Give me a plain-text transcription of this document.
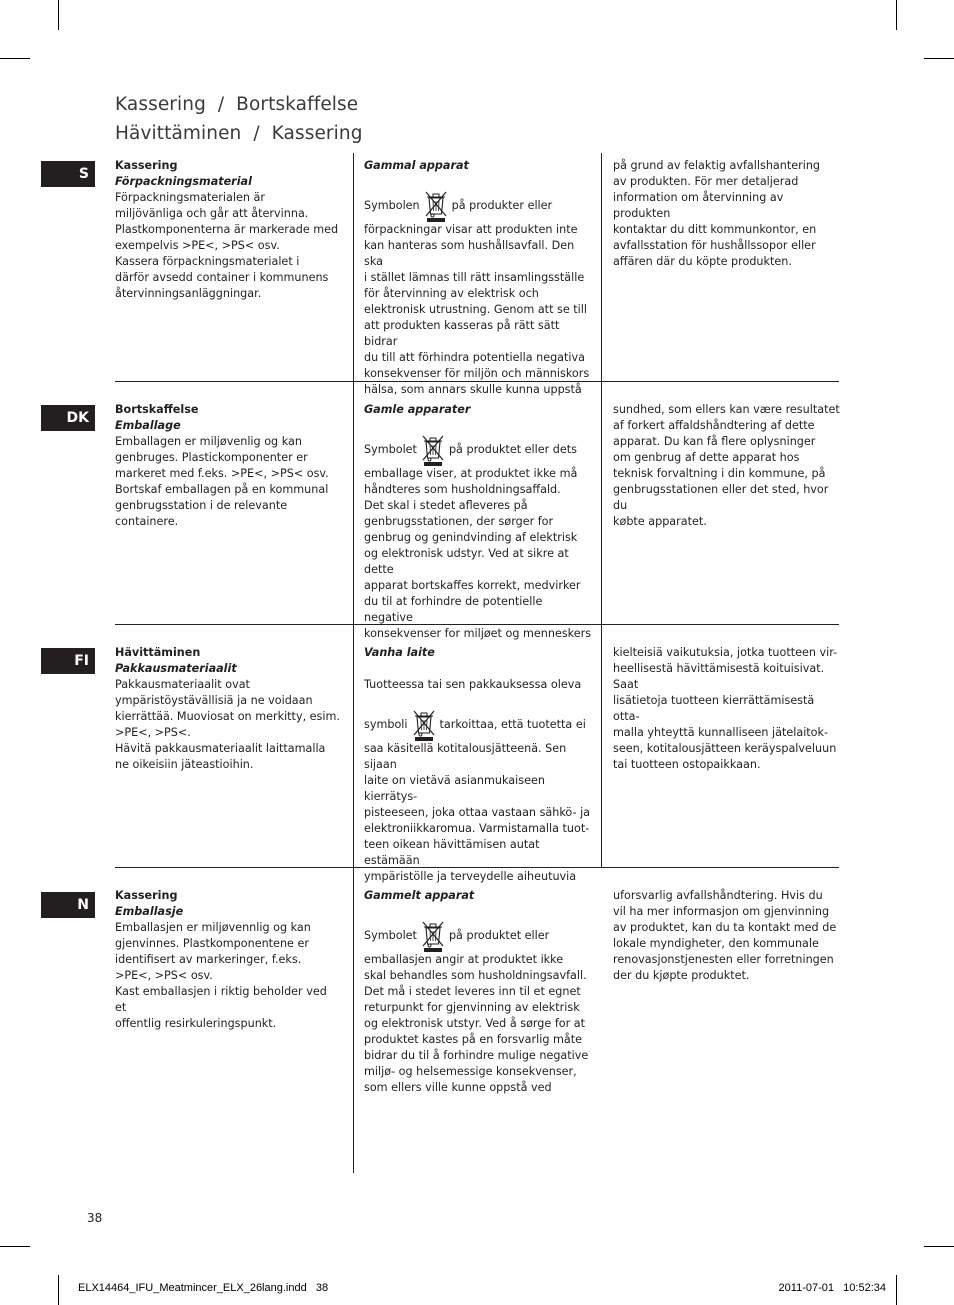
Kassering  /  Bortskaffelse
Hävittäminen  /  Kassering
S
Kassering
Förpackningsmaterial
Förpackningsmaterialen är
miljövänliga och går att återvinna.
Plastkomponenterna är markerade med
exempelvis >PE<, >PS< osv.
Kassera förpackningsmaterialet i
därför avsedd container i kommunens
återvinningsanläggningar.
Gammal apparat
Symbolen	på produkter eller
förpackningar visar att produkten inte
kan hanteras som hushållsavfall. Den ska
i stället lämnas till rätt insamlingsställe
för återvinning av elektrisk och
elektronisk utrustning. Genom att se till
att produkten kasseras på rätt sätt bidrar
du till att förhindra potentiella negativa
konsekvenser för miljön och människors
hälsa, som annars skulle kunna uppstå
på grund av felaktig avfallshantering
av produkten. För mer detaljerad
information om återvinning av produkten
kontaktar du ditt kommunkontor, en
avfallsstation för hushållssopor eller
affären där du köpte produkten.
DK
Bortskaffelse
Emballage
Emballagen er miljøvenlig og kan
genbruges. Plastickomponenter er
markeret med f.eks. >PE<, >PS< osv.
Bortskaf emballagen på en kommunal
genbrugsstation i de relevante
containere.
Gamle apparater
Symbolet	på produktet eller dets
emballage viser, at produktet ikke må
håndteres som husholdningsaffald.
Det skal i stedet afleveres på
genbrugsstationen, der sørger for
genbrug og genindvinding af elektrisk
og elektronisk udstyr. Ved at sikre at dette
apparat bortskaffes korrekt, medvirker
du til at forhindre de potentielle negative
konsekvenser for miljøet og menneskers
sundhed, som ellers kan være resultatet
af forkert affaldshåndtering af dette
apparat. Du kan få flere oplysninger
om genbrug af dette apparat hos
teknisk forvaltning i din kommune, på
genbrugsstationen eller det sted, hvor du
købte apparatet.
FI
Hävittäminen
Pakkausmateriaalit
Pakkausmateriaalit ovat
ympäristöystävällisiä ja ne voidaan
kierrättää. Muoviosat on merkitty, esim.
>PE<, >PS<.
Hävitä pakkausmateriaalit laittamalla
ne oikeisiin jäteastioihin.
Vanha laite
Tuotteessa tai sen pakkauksessa oleva
symboli	tarkoittaa, että tuotetta ei
saa käsitellä kotitalousjätteenä. Sen sijaan
laite on vietävä asianmukaiseen kierrätys-
pisteeseen, joka ottaa vastaan sähkö- ja
elektroniikkaromua. Varmistamalla tuot-
teen oikean hävittämisen autat estämään
ympäristölle ja terveydelle aiheutuvia
kielteisiä vaikutuksia, jotka tuotteen vir-
heellisestä hävittämisestä koituisivat. Saat
lisätietoja tuotteen kierrättämisestä otta-
malla yhteyttä kunnalliseen jätelaitok-
seen, kotitalousjätteen keräyspalveluun
tai tuotteen ostopaikkaan.
N
Kassering
Emballasje
Emballasjen er miljøvennlig og kan
gjenvinnes. Plastkomponentene er
identifisert av markeringer, f.eks.
>PE<, >PS< osv.
Kast emballasjen i riktig beholder ved et
offentlig resirkuleringspunkt.
Gammelt apparat
Symbolet	på produktet eller
emballasjen angir at produktet ikke
skal behandles som husholdningsavfall.
Det må i stedet leveres inn til et egnet
returpunkt for gjenvinning av elektrisk
og elektronisk utstyr. Ved å sørge for at
produktet kastes på en forsvarlig måte
bidrar du til å forhindre mulige negative
miljø- og helsemessige konsekvenser,
som ellers ville kunne oppstå ved
uforsvarlig avfallshåndtering. Hvis du
vil ha mer informasjon om gjenvinning
av produktet, kan du ta kontakt med de
lokale myndigheter, den kommunale
renovasjonstjenesten eller forretningen
der du kjøpte produktet.
38
ELX14464_IFU_Meatmincer_ELX_26lang.indd   38	2011-07-01   10:52:34
